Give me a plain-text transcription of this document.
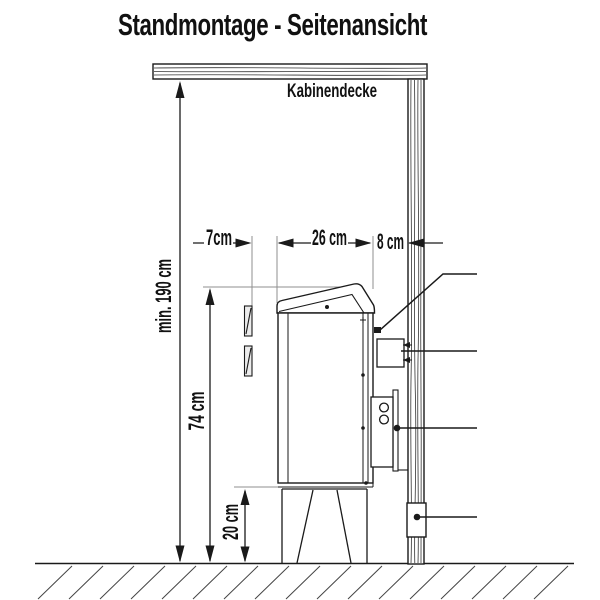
Standmontage - Seitenansicht
Kabinendecke
7cm	26 cm 8 cm
min. 190 cm
74 cm
20 cm
